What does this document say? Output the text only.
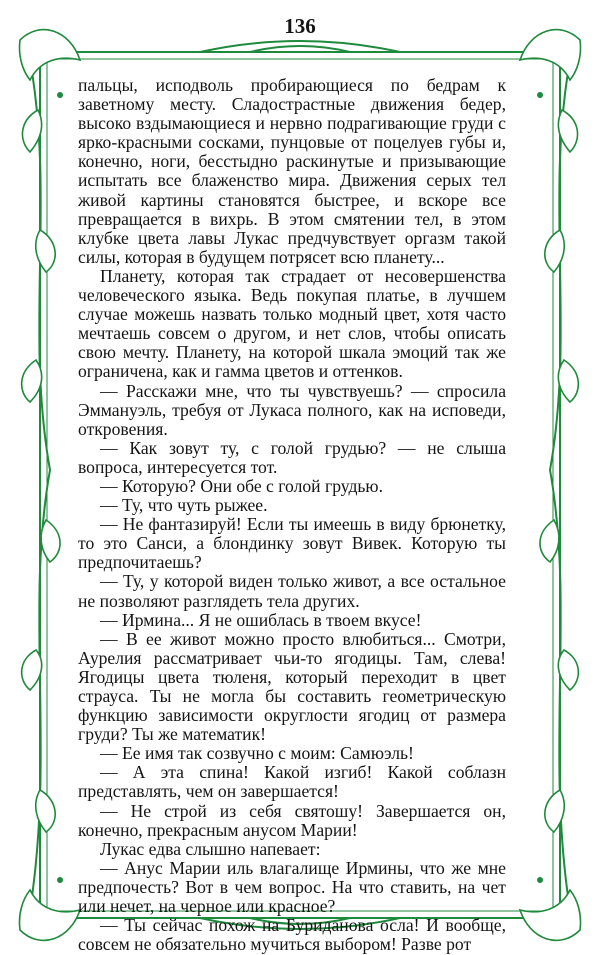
136

пальцы, исподволь пробирающиеся по бедрам к заветному месту. Сладострастные движения бедер, высоко вздымающиеся и нервно подрагивающие груди с ярко-красными сосками, пунцовые от поцелуев губы и, конечно, ноги, бесстыдно раскинутые и призывающие испытать все блаженство мира. Движения серых тел живой картины становятся быстрее, и вскоре все превращается в вихрь. В этом смятении тел, в этом клубке цвета лавы Лукас предчувствует оргазм такой силы, которая в будущем потрясет всю планету...

Планету, которая так страдает от несовершенства человеческого языка. Ведь покупая платье, в лучшем случае можешь назвать только модный цвет, хотя часто мечтаешь совсем о другом, и нет слов, чтобы описать свою мечту. Планету, на которой шкала эмоций так же ограничена, как и гамма цветов и оттенков.

— Расскажи мне, что ты чувствуешь? — спросила Эммануэль, требуя от Лукаса полного, как на исповеди, откровения.

— Как зовут ту, с голой грудью? — не слыша вопроса, интересуется тот.

— Которую? Они обе с голой грудью.

— Ту, что чуть рыжее.

— Не фантазируй! Если ты имеешь в виду брюнетку, то это Санси, а блондинку зовут Вивек. Которую ты предпочитаешь?

— Ту, у которой виден только живот, а все остальное не позволяют разглядеть тела других.

— Ирмина... Я не ошиблась в твоем вкусе!

— В ее живот можно просто влюбиться... Смотри, Аурелия рассматривает чьи-то ягодицы. Там, слева! Ягодицы цвета тюленя, который переходит в цвет страуса. Ты не могла бы составить геометрическую функцию зависимости округлости ягодиц от размера груди? Ты же математик!

— Ее имя так созвучно с моим: Самюэль!

— А эта спина! Какой изгиб! Какой соблазн представлять, чем он завершается!

— Не строй из себя святошу! Завершается он, конечно, прекрасным анусом Марии!

Лукас едва слышно напевает:

— Анус Марии иль влагалище Ирмины, что же мне предпочесть? Вот в чем вопрос. На что ставить, на чет или нечет, на черное или красное?

— Ты сейчас похож на Буриданова осла! И вообще, совсем не обязательно мучиться выбором! Разве рот
